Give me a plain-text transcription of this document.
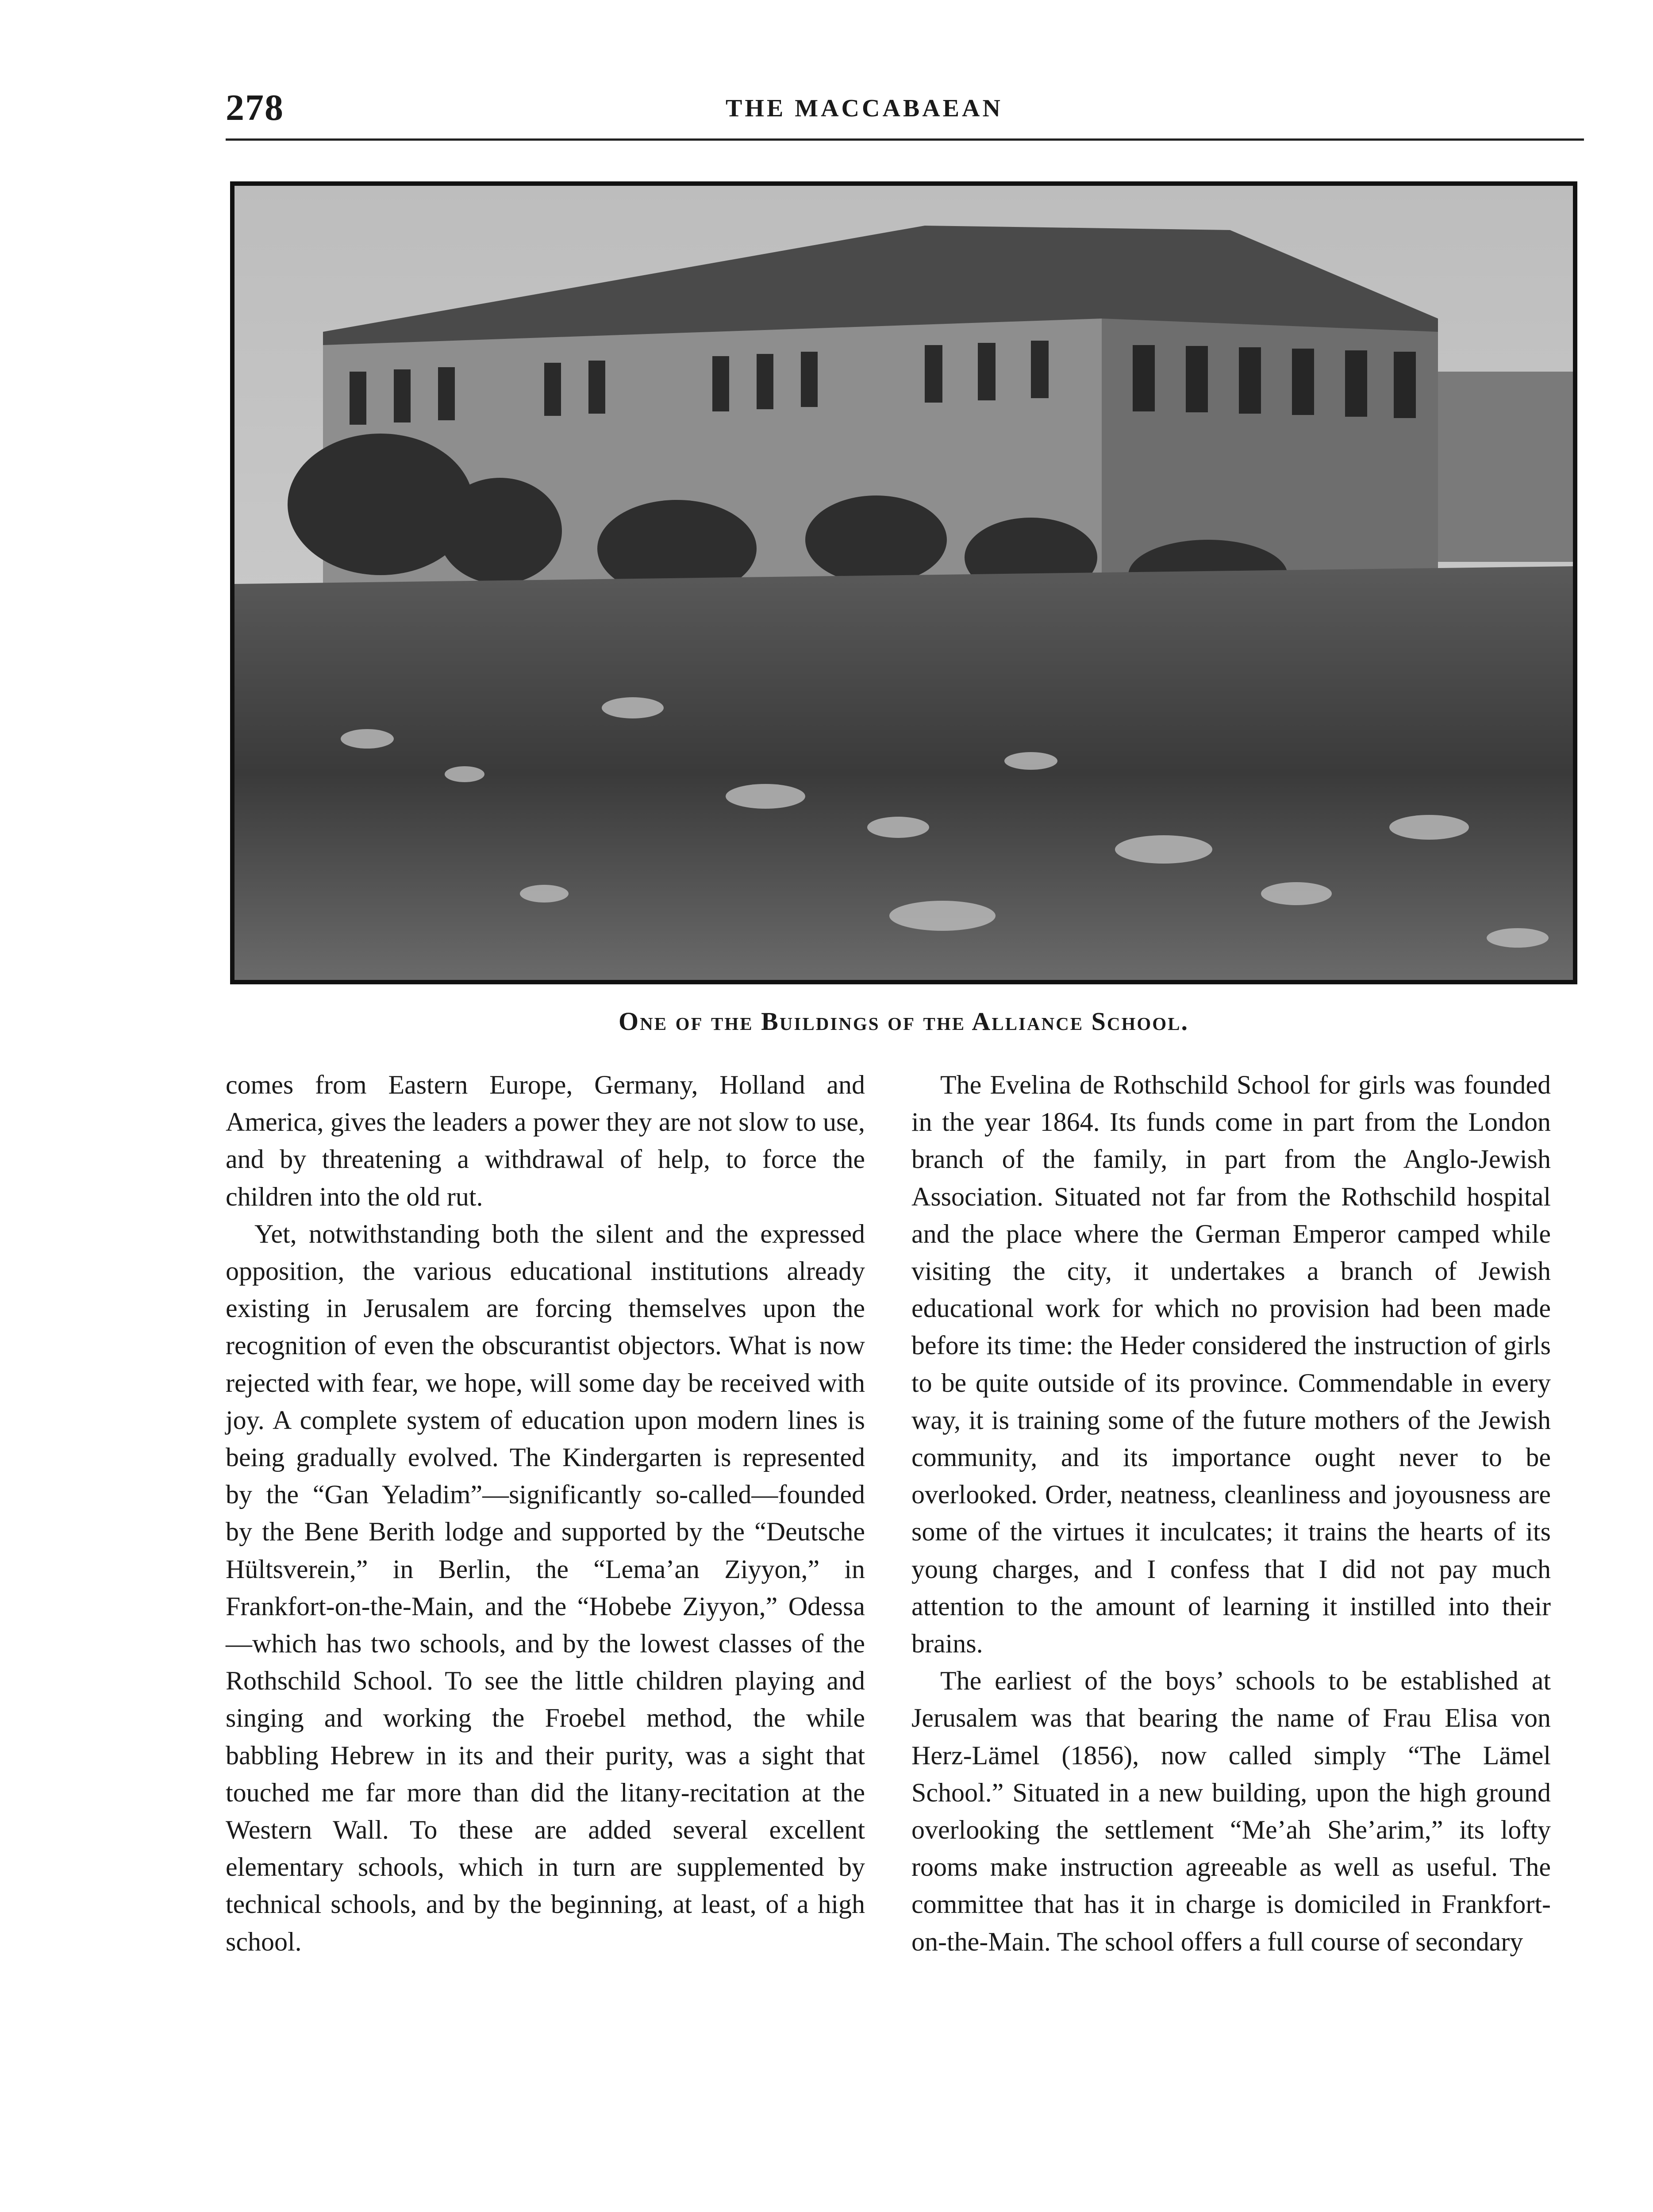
278	THE MACCABAEAN
One of the Buildings of the Alliance School.

comes from Eastern Europe, Germany, Holland and America, gives the leaders a power they are not slow to use, and by threatening a withdrawal of help, to force the children into the old rut.

Yet, notwithstanding both the silent and the expressed opposition, the various educational institutions already existing in Jerusalem are forcing themselves upon the recognition of even the obscurantist objectors. What is now rejected with fear, we hope, will some day be received with joy. A complete system of education upon modern lines is being gradually evolved. The Kindergarten is represented by the “Gan Yeladim”—significantly so-called—founded by the Bene Berith lodge and supported by the “Deutsche Hültsverein,” in Berlin, the “Lema’an Ziyyon,” in Frankfort-on-the-Main, and the “Hobebe Ziyyon,” Odessa—which has two schools, and by the lowest classes of the Rothschild School. To see the little children playing and singing and working the Froebel method, the while babbling Hebrew in its and their purity, was a sight that touched me far more than did the litany-recitation at the Western Wall. To these are added several excellent elementary schools, which in turn are supplemented by technical schools, and by the beginning, at least, of a high school.

The Evelina de Rothschild School for girls was founded in the year 1864. Its funds come in part from the London branch of the family, in part from the Anglo-Jewish Association. Situated not far from the Rothschild hospital and the place where the German Emperor camped while visiting the city, it undertakes a branch of Jewish educational work for which no provision had been made before its time: the Heder considered the instruction of girls to be quite outside of its province. Commendable in every way, it is training some of the future mothers of the Jewish community, and its importance ought never to be overlooked. Order, neatness, cleanliness and joyousness are some of the virtues it inculcates; it trains the hearts of its young charges, and I confess that I did not pay much attention to the amount of learning it instilled into their brains.

The earliest of the boys’ schools to be established at Jerusalem was that bearing the name of Frau Elisa von Herz-Lämel (1856), now called simply “The Lämel School.” Situated in a new building, upon the high ground overlooking the settlement “Me’ah She’arim,” its lofty rooms make instruction agreeable as well as useful. The committee that has it in charge is domiciled in Frankfort-on-the-Main. The school offers a full course of secondary
